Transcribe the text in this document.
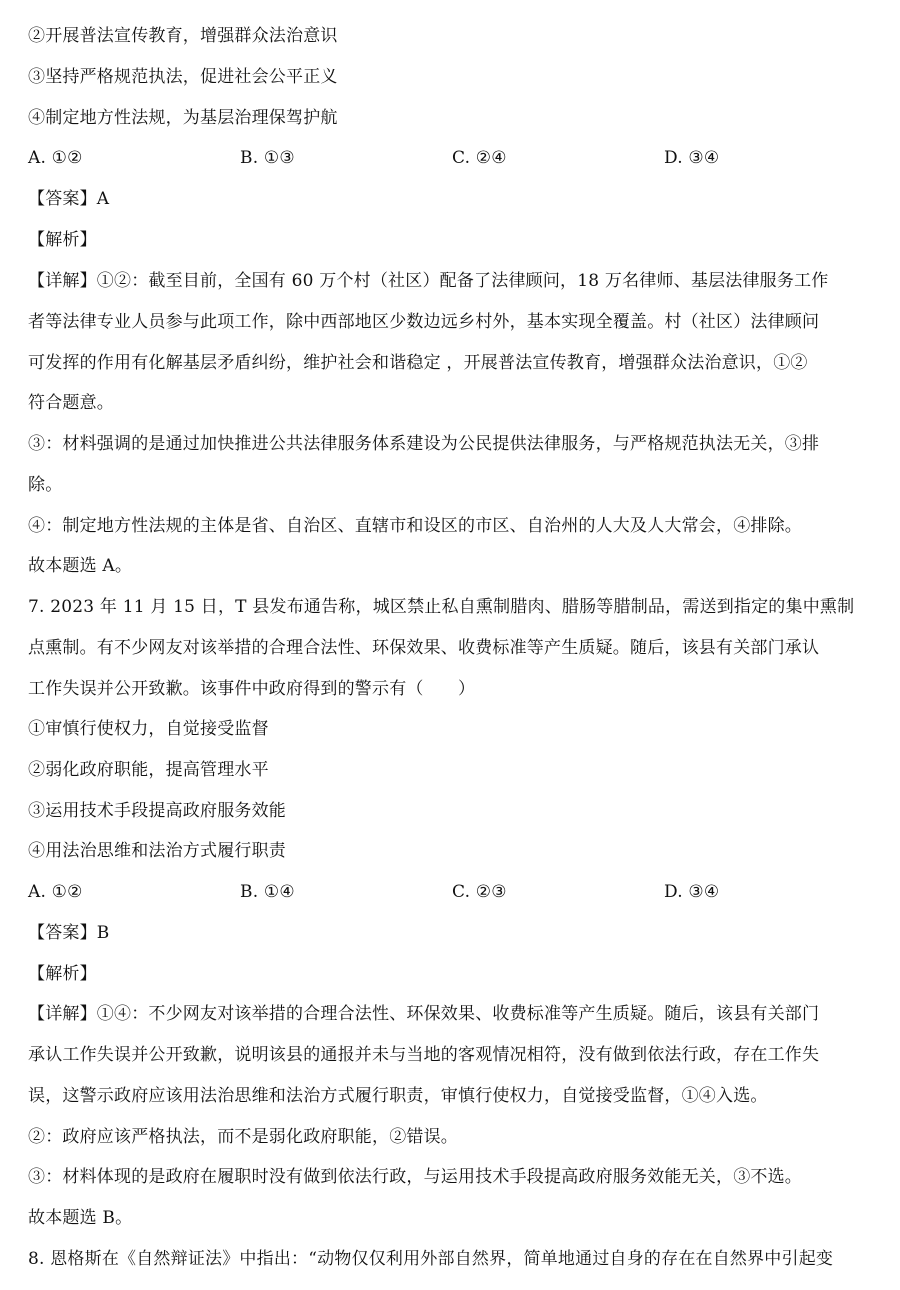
②开展普法宣传教育，增强群众法治意识
③坚持严格规范执法，促进社会公平正义
④制定地方性法规，为基层治理保驾护航
A. ①②	B. ①③	C. ②④	D. ③④
【答案】A
【解析】
【详解】①②：截至目前，全国有 60 万个村（社区）配备了法律顾问，18 万名律师、基层法律服务工作
者等法律专业人员参与此项工作，除中西部地区少数边远乡村外，基本实现全覆盖。村（社区）法律顾问
可发挥的作用有化解基层矛盾纠纷，维护社会和谐稳定 ，开展普法宣传教育，增强群众法治意识，①②
符合题意。
③：材料强调的是通过加快推进公共法律服务体系建设为公民提供法律服务，与严格规范执法无关，③排
除。
④：制定地方性法规的主体是省、自治区、直辖市和设区的市区、自治州的人大及人大常会，④排除。
故本题选 A。
7. 2023 年 11 月 15 日，T 县发布通告称，城区禁止私自熏制腊肉、腊肠等腊制品，需送到指定的集中熏制
点熏制。有不少网友对该举措的合理合法性、环保效果、收费标准等产生质疑。随后，该县有关部门承认
工作失误并公开致歉。该事件中政府得到的警示有（　　）
①审慎行使权力，自觉接受监督
②弱化政府职能，提高管理水平
③运用技术手段提高政府服务效能
④用法治思维和法治方式履行职责
A. ①②	B. ①④	C. ②③	D. ③④
【答案】B
【解析】
【详解】①④：不少网友对该举措的合理合法性、环保效果、收费标准等产生质疑。随后，该县有关部门
承认工作失误并公开致歉，说明该县的通报并未与当地的客观情况相符，没有做到依法行政，存在工作失
误，这警示政府应该用法治思维和法治方式履行职责，审慎行使权力，自觉接受监督，①④入选。
②：政府应该严格执法，而不是弱化政府职能，②错误。
③：材料体现的是政府在履职时没有做到依法行政，与运用技术手段提高政府服务效能无关，③不选。
故本题选 B。
8. 恩格斯在《自然辩证法》中指出：“动物仅仅利用外部自然界，简单地通过自身的存在在自然界中引起变
